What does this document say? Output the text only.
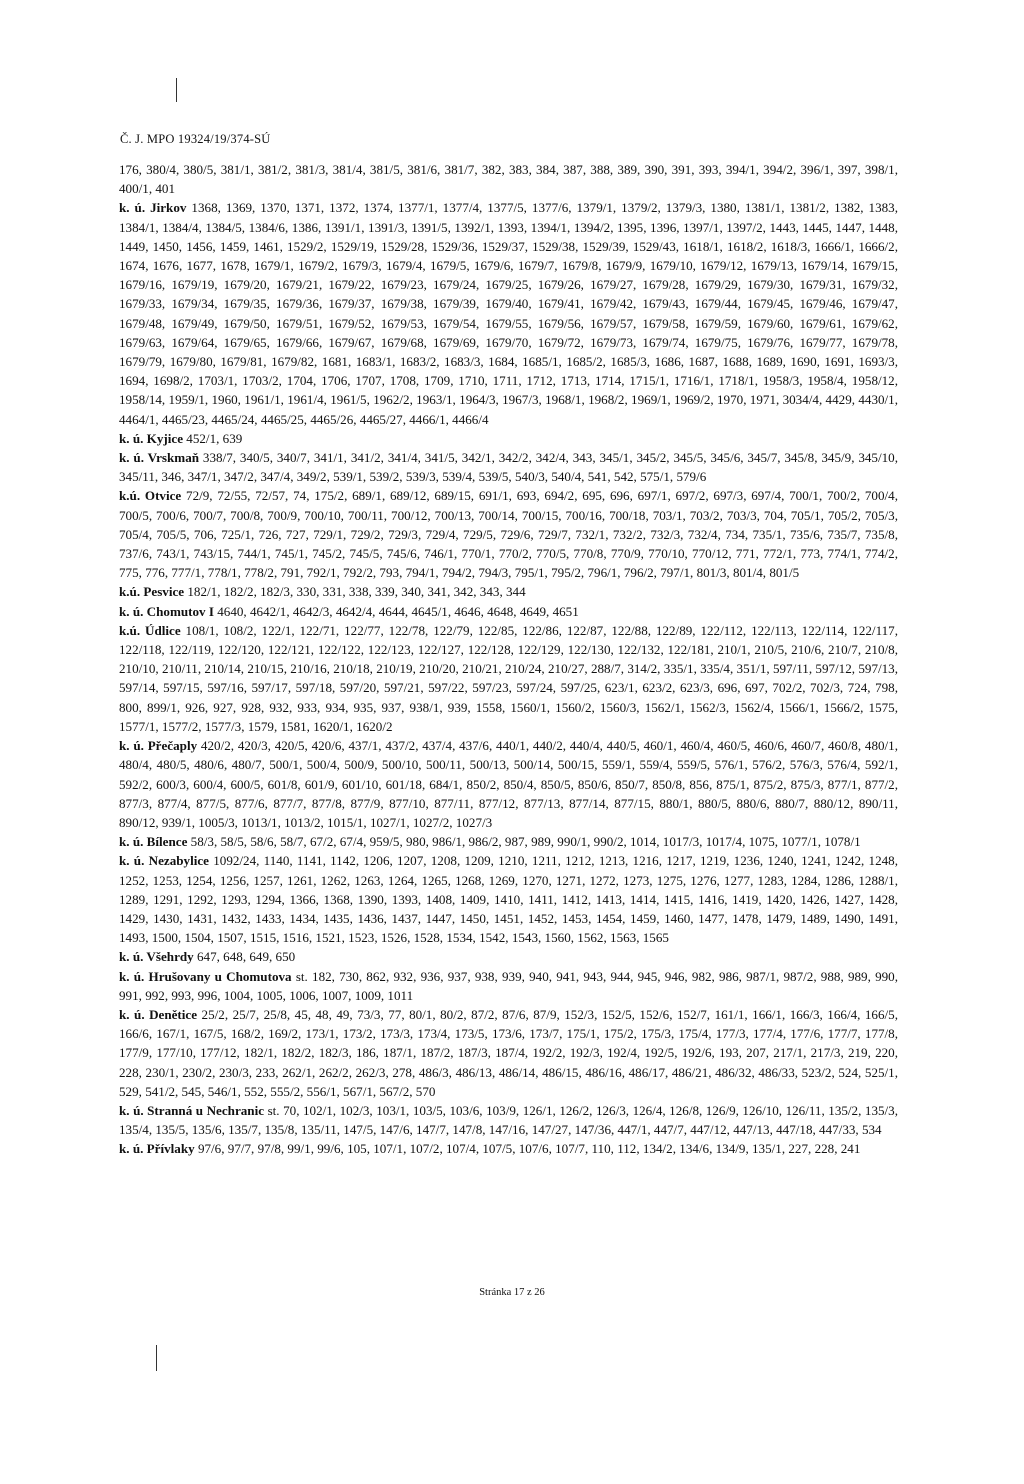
Č. J. MPO 19324/19/374-SÚ

176, 380/4, 380/5, 381/1, 381/2, 381/3, 381/4, 381/5, 381/6, 381/7, 382, 383, 384, 387, 388, 389, 390, 391, 393, 394/1, 394/2, 396/1, 397, 398/1, 400/1, 401

k. ú. Jirkov 1368, 1369, 1370, 1371, 1372, 1374, 1377/1, 1377/4, 1377/5, 1377/6, 1379/1, 1379/2, 1379/3, 1380, 1381/1, 1381/2, 1382, 1383, 1384/1, 1384/4, 1384/5, 1384/6, 1386, 1391/1, 1391/3, 1391/5, 1392/1, 1393, 1394/1, 1394/2, 1395, 1396, 1397/1, 1397/2, 1443, 1445, 1447, 1448, 1449, 1450, 1456, 1459, 1461, 1529/2, 1529/19, 1529/28, 1529/36, 1529/37, 1529/38, 1529/39, 1529/43, 1618/1, 1618/2, 1618/3, 1666/1, 1666/2, 1674, 1676, 1677, 1678, 1679/1, 1679/2, 1679/3, 1679/4, 1679/5, 1679/6, 1679/7, 1679/8, 1679/9, 1679/10, 1679/12, 1679/13, 1679/14, 1679/15, 1679/16, 1679/19, 1679/20, 1679/21, 1679/22, 1679/23, 1679/24, 1679/25, 1679/26, 1679/27, 1679/28, 1679/29, 1679/30, 1679/31, 1679/32, 1679/33, 1679/34, 1679/35, 1679/36, 1679/37, 1679/38, 1679/39, 1679/40, 1679/41, 1679/42, 1679/43, 1679/44, 1679/45, 1679/46, 1679/47, 1679/48, 1679/49, 1679/50, 1679/51, 1679/52, 1679/53, 1679/54, 1679/55, 1679/56, 1679/57, 1679/58, 1679/59, 1679/60, 1679/61, 1679/62, 1679/63, 1679/64, 1679/65, 1679/66, 1679/67, 1679/68, 1679/69, 1679/70, 1679/72, 1679/73, 1679/74, 1679/75, 1679/76, 1679/77, 1679/78, 1679/79, 1679/80, 1679/81, 1679/82, 1681, 1683/1, 1683/2, 1683/3, 1684, 1685/1, 1685/2, 1685/3, 1686, 1687, 1688, 1689, 1690, 1691, 1693/3, 1694, 1698/2, 1703/1, 1703/2, 1704, 1706, 1707, 1708, 1709, 1710, 1711, 1712, 1713, 1714, 1715/1, 1716/1, 1718/1, 1958/3, 1958/4, 1958/12, 1958/14, 1959/1, 1960, 1961/1, 1961/4, 1961/5, 1962/2, 1963/1, 1964/3, 1967/3, 1968/1, 1968/2, 1969/1, 1969/2, 1970, 1971, 3034/4, 4429, 4430/1, 4464/1, 4465/23, 4465/24, 4465/25, 4465/26, 4465/27, 4466/1, 4466/4

k. ú. Kyjice 452/1, 639

k. ú. Vrskmaň 338/7, 340/5, 340/7, 341/1, 341/2, 341/4, 341/5, 342/1, 342/2, 342/4, 343, 345/1, 345/2, 345/5, 345/6, 345/7, 345/8, 345/9, 345/10, 345/11, 346, 347/1, 347/2, 347/4, 349/2, 539/1, 539/2, 539/3, 539/4, 539/5, 540/3, 540/4, 541, 542, 575/1, 579/6

k.ú. Otvice 72/9, 72/55, 72/57, 74, 175/2, 689/1, 689/12, 689/15, 691/1, 693, 694/2, 695, 696, 697/1, 697/2, 697/3, 697/4, 700/1, 700/2, 700/4, 700/5, 700/6, 700/7, 700/8, 700/9, 700/10, 700/11, 700/12, 700/13, 700/14, 700/15, 700/16, 700/18, 703/1, 703/2, 703/3, 704, 705/1, 705/2, 705/3, 705/4, 705/5, 706, 725/1, 726, 727, 729/1, 729/2, 729/3, 729/4, 729/5, 729/6, 729/7, 732/1, 732/2, 732/3, 732/4, 734, 735/1, 735/6, 735/7, 735/8, 737/6, 743/1, 743/15, 744/1, 745/1, 745/2, 745/5, 745/6, 746/1, 770/1, 770/2, 770/5, 770/8, 770/9, 770/10, 770/12, 771, 772/1, 773, 774/1, 774/2, 775, 776, 777/1, 778/1, 778/2, 791, 792/1, 792/2, 793, 794/1, 794/2, 794/3, 795/1, 795/2, 796/1, 796/2, 797/1, 801/3, 801/4, 801/5

k.ú. Pesvice 182/1, 182/2, 182/3, 330, 331, 338, 339, 340, 341, 342, 343, 344

k. ú. Chomutov I 4640, 4642/1, 4642/3, 4642/4, 4644, 4645/1, 4646, 4648, 4649, 4651

k.ú. Údlice 108/1, 108/2, 122/1, 122/71, 122/77, 122/78, 122/79, 122/85, 122/86, 122/87, 122/88, 122/89, 122/112, 122/113, 122/114, 122/117, 122/118, 122/119, 122/120, 122/121, 122/122, 122/123, 122/127, 122/128, 122/129, 122/130, 122/132, 122/181, 210/1, 210/5, 210/6, 210/7, 210/8, 210/10, 210/11, 210/14, 210/15, 210/16, 210/18, 210/19, 210/20, 210/21, 210/24, 210/27, 288/7, 314/2, 335/1, 335/4, 351/1, 597/11, 597/12, 597/13, 597/14, 597/15, 597/16, 597/17, 597/18, 597/20, 597/21, 597/22, 597/23, 597/24, 597/25, 623/1, 623/2, 623/3, 696, 697, 702/2, 702/3, 724, 798, 800, 899/1, 926, 927, 928, 932, 933, 934, 935, 937, 938/1, 939, 1558, 1560/1, 1560/2, 1560/3, 1562/1, 1562/3, 1562/4, 1566/1, 1566/2, 1575, 1577/1, 1577/2, 1577/3, 1579, 1581, 1620/1, 1620/2

k. ú. Přečaply 420/2, 420/3, 420/5, 420/6, 437/1, 437/2, 437/4, 437/6, 440/1, 440/2, 440/4, 440/5, 460/1, 460/4, 460/5, 460/6, 460/7, 460/8, 480/1, 480/4, 480/5, 480/6, 480/7, 500/1, 500/4, 500/9, 500/10, 500/11, 500/13, 500/14, 500/15, 559/1, 559/4, 559/5, 576/1, 576/2, 576/3, 576/4, 592/1, 592/2, 600/3, 600/4, 600/5, 601/8, 601/9, 601/10, 601/18, 684/1, 850/2, 850/4, 850/5, 850/6, 850/7, 850/8, 856, 875/1, 875/2, 875/3, 877/1, 877/2, 877/3, 877/4, 877/5, 877/6, 877/7, 877/8, 877/9, 877/10, 877/11, 877/12, 877/13, 877/14, 877/15, 880/1, 880/5, 880/6, 880/7, 880/12, 890/11, 890/12, 939/1, 1005/3, 1013/1, 1013/2, 1015/1, 1027/1, 1027/2, 1027/3

k. ú. Bílence 58/3, 58/5, 58/6, 58/7, 67/2, 67/4, 959/5, 980, 986/1, 986/2, 987, 989, 990/1, 990/2, 1014, 1017/3, 1017/4, 1075, 1077/1, 1078/1

k. ú. Nezabylice 1092/24, 1140, 1141, 1142, 1206, 1207, 1208, 1209, 1210, 1211, 1212, 1213, 1216, 1217, 1219, 1236, 1240, 1241, 1242, 1248, 1252, 1253, 1254, 1256, 1257, 1261, 1262, 1263, 1264, 1265, 1268, 1269, 1270, 1271, 1272, 1273, 1275, 1276, 1277, 1283, 1284, 1286, 1288/1, 1289, 1291, 1292, 1293, 1294, 1366, 1368, 1390, 1393, 1408, 1409, 1410, 1411, 1412, 1413, 1414, 1415, 1416, 1419, 1420, 1426, 1427, 1428, 1429, 1430, 1431, 1432, 1433, 1434, 1435, 1436, 1437, 1447, 1450, 1451, 1452, 1453, 1454, 1459, 1460, 1477, 1478, 1479, 1489, 1490, 1491, 1493, 1500, 1504, 1507, 1515, 1516, 1521, 1523, 1526, 1528, 1534, 1542, 1543, 1560, 1562, 1563, 1565

k. ú. Všehrdy 647, 648, 649, 650

k. ú. Hrušovany u Chomutova st. 182, 730, 862, 932, 936, 937, 938, 939, 940, 941, 943, 944, 945, 946, 982, 986, 987/1, 987/2, 988, 989, 990, 991, 992, 993, 996, 1004, 1005, 1006, 1007, 1009, 1011

k. ú. Denětice 25/2, 25/7, 25/8, 45, 48, 49, 73/3, 77, 80/1, 80/2, 87/2, 87/6, 87/9, 152/3, 152/5, 152/6, 152/7, 161/1, 166/1, 166/3, 166/4, 166/5, 166/6, 167/1, 167/5, 168/2, 169/2, 173/1, 173/2, 173/3, 173/4, 173/5, 173/6, 173/7, 175/1, 175/2, 175/3, 175/4, 177/3, 177/4, 177/6, 177/7, 177/8, 177/9, 177/10, 177/12, 182/1, 182/2, 182/3, 186, 187/1, 187/2, 187/3, 187/4, 192/2, 192/3, 192/4, 192/5, 192/6, 193, 207, 217/1, 217/3, 219, 220, 228, 230/1, 230/2, 230/3, 233, 262/1, 262/2, 262/3, 278, 486/3, 486/13, 486/14, 486/15, 486/16, 486/17, 486/21, 486/32, 486/33, 523/2, 524, 525/1, 529, 541/2, 545, 546/1, 552, 555/2, 556/1, 567/1, 567/2, 570

k. ú. Stranná u Nechranic st. 70, 102/1, 102/3, 103/1, 103/5, 103/6, 103/9, 126/1, 126/2, 126/3, 126/4, 126/8, 126/9, 126/10, 126/11, 135/2, 135/3, 135/4, 135/5, 135/6, 135/7, 135/8, 135/11, 147/5, 147/6, 147/7, 147/8, 147/16, 147/27, 147/36, 447/1, 447/7, 447/12, 447/13, 447/18, 447/33, 534

k. ú. Přívlaky 97/6, 97/7, 97/8, 99/1, 99/6, 105, 107/1, 107/2, 107/4, 107/5, 107/6, 107/7, 110, 112, 134/2, 134/6, 134/9, 135/1, 227, 228, 241

Stránka 17 z 26
